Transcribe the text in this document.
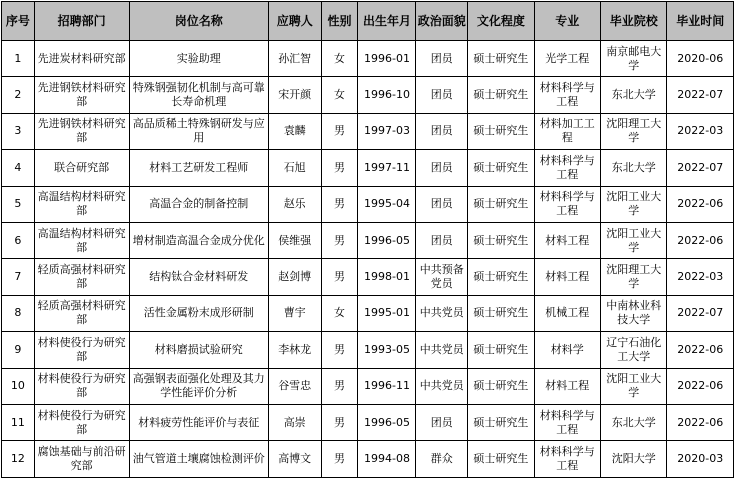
序号	招聘部门	岗位名称	应聘人	性别	出生年月	政治面貌	文化程度	专业	毕业院校	毕业时间
1	先进炭材料研究部	实验助理	孙汇智	女	1996-01	团员	硕士研究生	光学工程	南京邮电大学	2020-06
2	先进钢铁材料研究部	特殊钢强韧化机制与高可靠长寿命机理	宋开颜	女	1996-10	团员	硕士研究生	材料科学与工程	东北大学	2022-07
3	先进钢铁材料研究部	高品质稀土特殊钢研发与应用	袁麟	男	1997-03	团员	硕士研究生	材料加工工程	沈阳理工大学	2022-03
4	联合研究部	材料工艺研发工程师	石旭	男	1997-11	团员	硕士研究生	材料科学与工程	东北大学	2022-07
5	高温结构材料研究部	高温合金的制备控制	赵乐	男	1995-04	团员	硕士研究生	材料科学与工程	沈阳工业大学	2022-06
6	高温结构材料研究部	增材制造高温合金成分优化	侯维强	男	1996-05	团员	硕士研究生	材料工程	沈阳工业大学	2022-06
7	轻质高强材料研究部	结构钛合金材料研发	赵剑博	男	1998-01	中共预备党员	硕士研究生	材料工程	沈阳理工大学	2022-03
8	轻质高强材料研究部	活性金属粉末成形研制	曹宇	女	1995-01	中共党员	硕士研究生	机械工程	中南林业科技大学	2022-07
9	材料使役行为研究部	材料磨损试验研究	李林龙	男	1993-05	中共党员	硕士研究生	材料学	辽宁石油化工大学	2022-06
10	材料使役行为研究部	高强钢表面强化处理及其力学性能评价分析	谷雪忠	男	1996-11	中共党员	硕士研究生	材料工程	沈阳工业大学	2022-06
11	材料使役行为研究部	材料疲劳性能评价与表征	高崇	男	1996-05	团员	硕士研究生	材料科学与工程	东北大学	2022-06
12	腐蚀基础与前沿研究部	油气管道土壤腐蚀检测评价	高博文	男	1994-08	群众	硕士研究生	材料科学与工程	沈阳大学	2020-03
